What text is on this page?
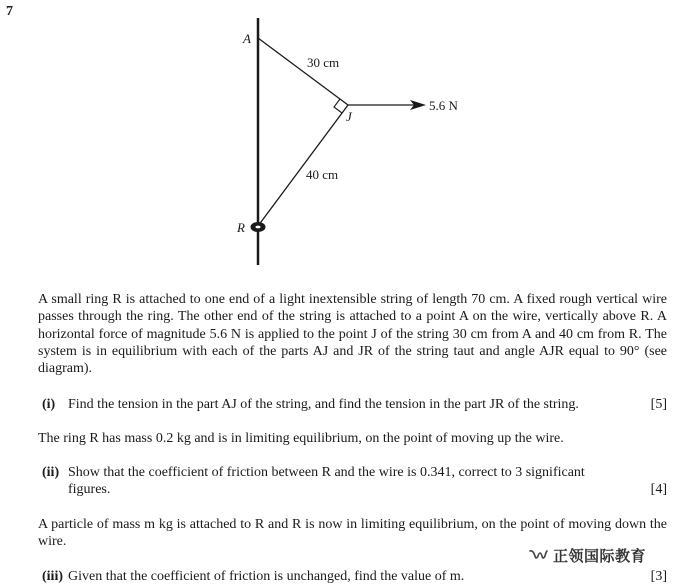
7
A
30 cm
J
5.6 N
40 cm
R
A small ring R is attached to one end of a light inextensible string of length 70 cm. A fixed rough vertical wire passes through the ring. The other end of the string is attached to a point A on the wire, vertically above R. A horizontal force of magnitude 5.6 N is applied to the point J of the string 30 cm from A and 40 cm from R. The system is in equilibrium with each of the parts AJ and JR of the string taut and angle AJR equal to 90° (see diagram).
(i) Find the tension in the part AJ of the string, and find the tension in the part JR of the string.	[5]
The ring R has mass 0.2 kg and is in limiting equilibrium, on the point of moving up the wire.
(ii) Show that the coefficient of friction between R and the wire is 0.341, correct to 3 significant figures.	[4]
A particle of mass m kg is attached to R and R is now in limiting equilibrium, on the point of moving down the wire.
(iii) Given that the coefficient of friction is unchanged, find the value of m.	[3]
正领国际教育
